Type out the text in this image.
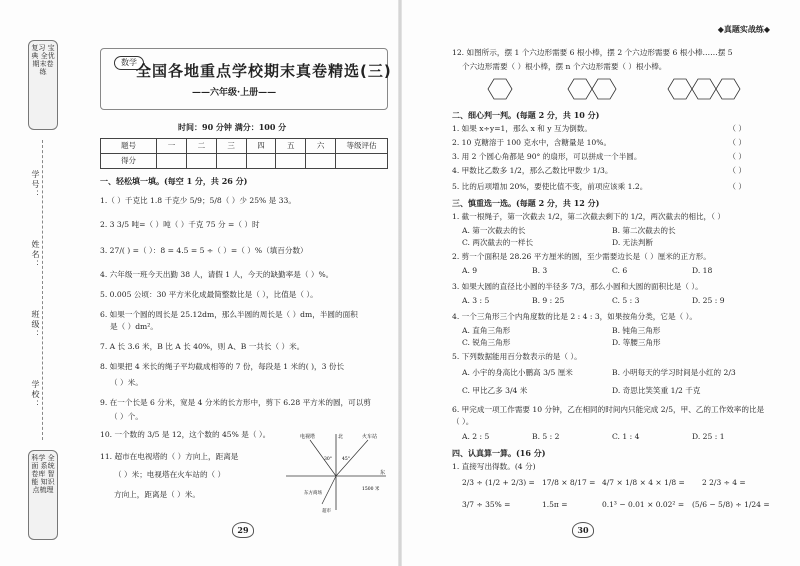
复习 宝典 全优期末卷练
学号：
姓名：
班级：
学校：
科学 全面 系统 卷库 智能 知识点梳理
数学 全国各地重点学校期末真卷精选(三)
——六年级·上册——
时间：90 分钟 满分：100 分
题号	一	二	三	四	五	六	等级评估
得分							
一、轻松填一填。(每空 1 分，共 26 分)
1.（ ）千克比 1.8 千克少 5/9；5/8（ ）少 25% 是 33。
2. 3 3/5 吨=（ ）吨（ ）千克 75 分 =（ ）时
3. 27/( ) =（ ）：8 = 4.5 = 5 ÷（ ）=（ ）%（填百分数）
4. 六年级一班今天出勤 38 人，请假 1 人，今天的缺勤率是（ ）%。
5. 0.005 公顷：30 平方米化成最简整数比是（ ），比值是（ ）。
6. 如果一个圆的周长是 25.12dm，那么半圆的周长是（ ）dm，半圆的面积
是（ ）dm²。
7. A 长 3.6 米，B 比 A 长 40%，则 A、B 一共长（ ）米。
8. 如果把 4 米长的绳子平均截成相等的 7 份，每段是 1 米的( )，3 份长
（ ）米。
9. 在一个长是 6 分米，宽是 4 分米的长方形中，剪下 6.28 平方米的圆，可以剪
（ ）个。
10. 一个数的 3/5 是 12，这个数的 45% 是（ ）。
11. 超市在电视塔的（ ）方向上，距离是
（ ）米；电视塔在火车站的（ ）
方向上，距离是（ ）米。
电视塔	北	火车站
30° 45°
1500 米
东
东方商场
超市
29
◆真题实战练◆
12. 如图所示，摆 1 个六边形需要 6 根小棒，摆 2 个六边形需要 6 根小棒……摆 5
个六边形需要（ ）根小棒，摆 n 个六边形需要（ ）根小棒。
二、细心判一判。(每题 2 分，共 10 分)
1. 如果 x÷y=1，那么 x 和 y 互为倒数。	（ ）
2. 10 克糖溶于 100 克水中，含糖量是 10%。	（ ）
3. 用 2 个圆心角都是 90° 的扇形，可以拼成一个半圆。	（ ）
4. 甲数比乙数多 1/2，那么乙数比甲数少 1/3。	（ ）
5. 比的后项增加 20%，要使比值不变，前项应该乘 1.2。	（ ）
三、慎重选一选。(每题 2 分，共 12 分)
1. 截一根绳子，第一次截去 1/2，第二次截去剩下的 1/2，两次截去的相比，（ ）
A. 第一次截去的长	B. 第二次截去的长
C. 两次截去的一样长	D. 无法判断
2. 剪一个面积是 28.26 平方厘米的圆，至少需要边长是（ ）厘米的正方形。
A. 9	B. 3	C. 6	D. 18
3. 如果大圆的直径比小圆的半径多 7/3，那么小圆和大圆的面积比是（ ）。
A. 3 : 5	B. 9 : 25	C. 5 : 3	D. 25 : 9
4. 一个三角形三个内角度数的比是 2 : 4 : 3，如果按角分类，它是（ ）。
A. 直角三角形	B. 钝角三角形
C. 锐角三角形	D. 等腰三角形
5. 下列数据能用百分数表示的是（ ）。
A. 小宇的身高比小鹏高 3/5 厘米	B. 小明每天的学习时间是小红的 2/3
C. 甲比乙多 3/4 米	D. 奇思比笑笑重 1/2 千克
6. 甲完成一项工作需要 10 分钟，乙在相同的时间内只能完成 2/5，甲、乙的工作效率的比是（ ）。
A. 2 : 5	B. 5 : 2	C. 1 : 4	D. 25 : 1
四、认真算一算。(16 分)
1. 直接写出得数。(4 分)
2/3 ÷ (1/2 + 2/3) = 17/8 × 8/17 = 4/7 × 1/8 × 4 × 1/8 = 2 2/3 ÷ 4 =
3/7 ÷ 35% =	1.5π =	0.1³ − 0.01 × 0.02² = (5/6 − 5/8) ÷ 1/24 =
30
